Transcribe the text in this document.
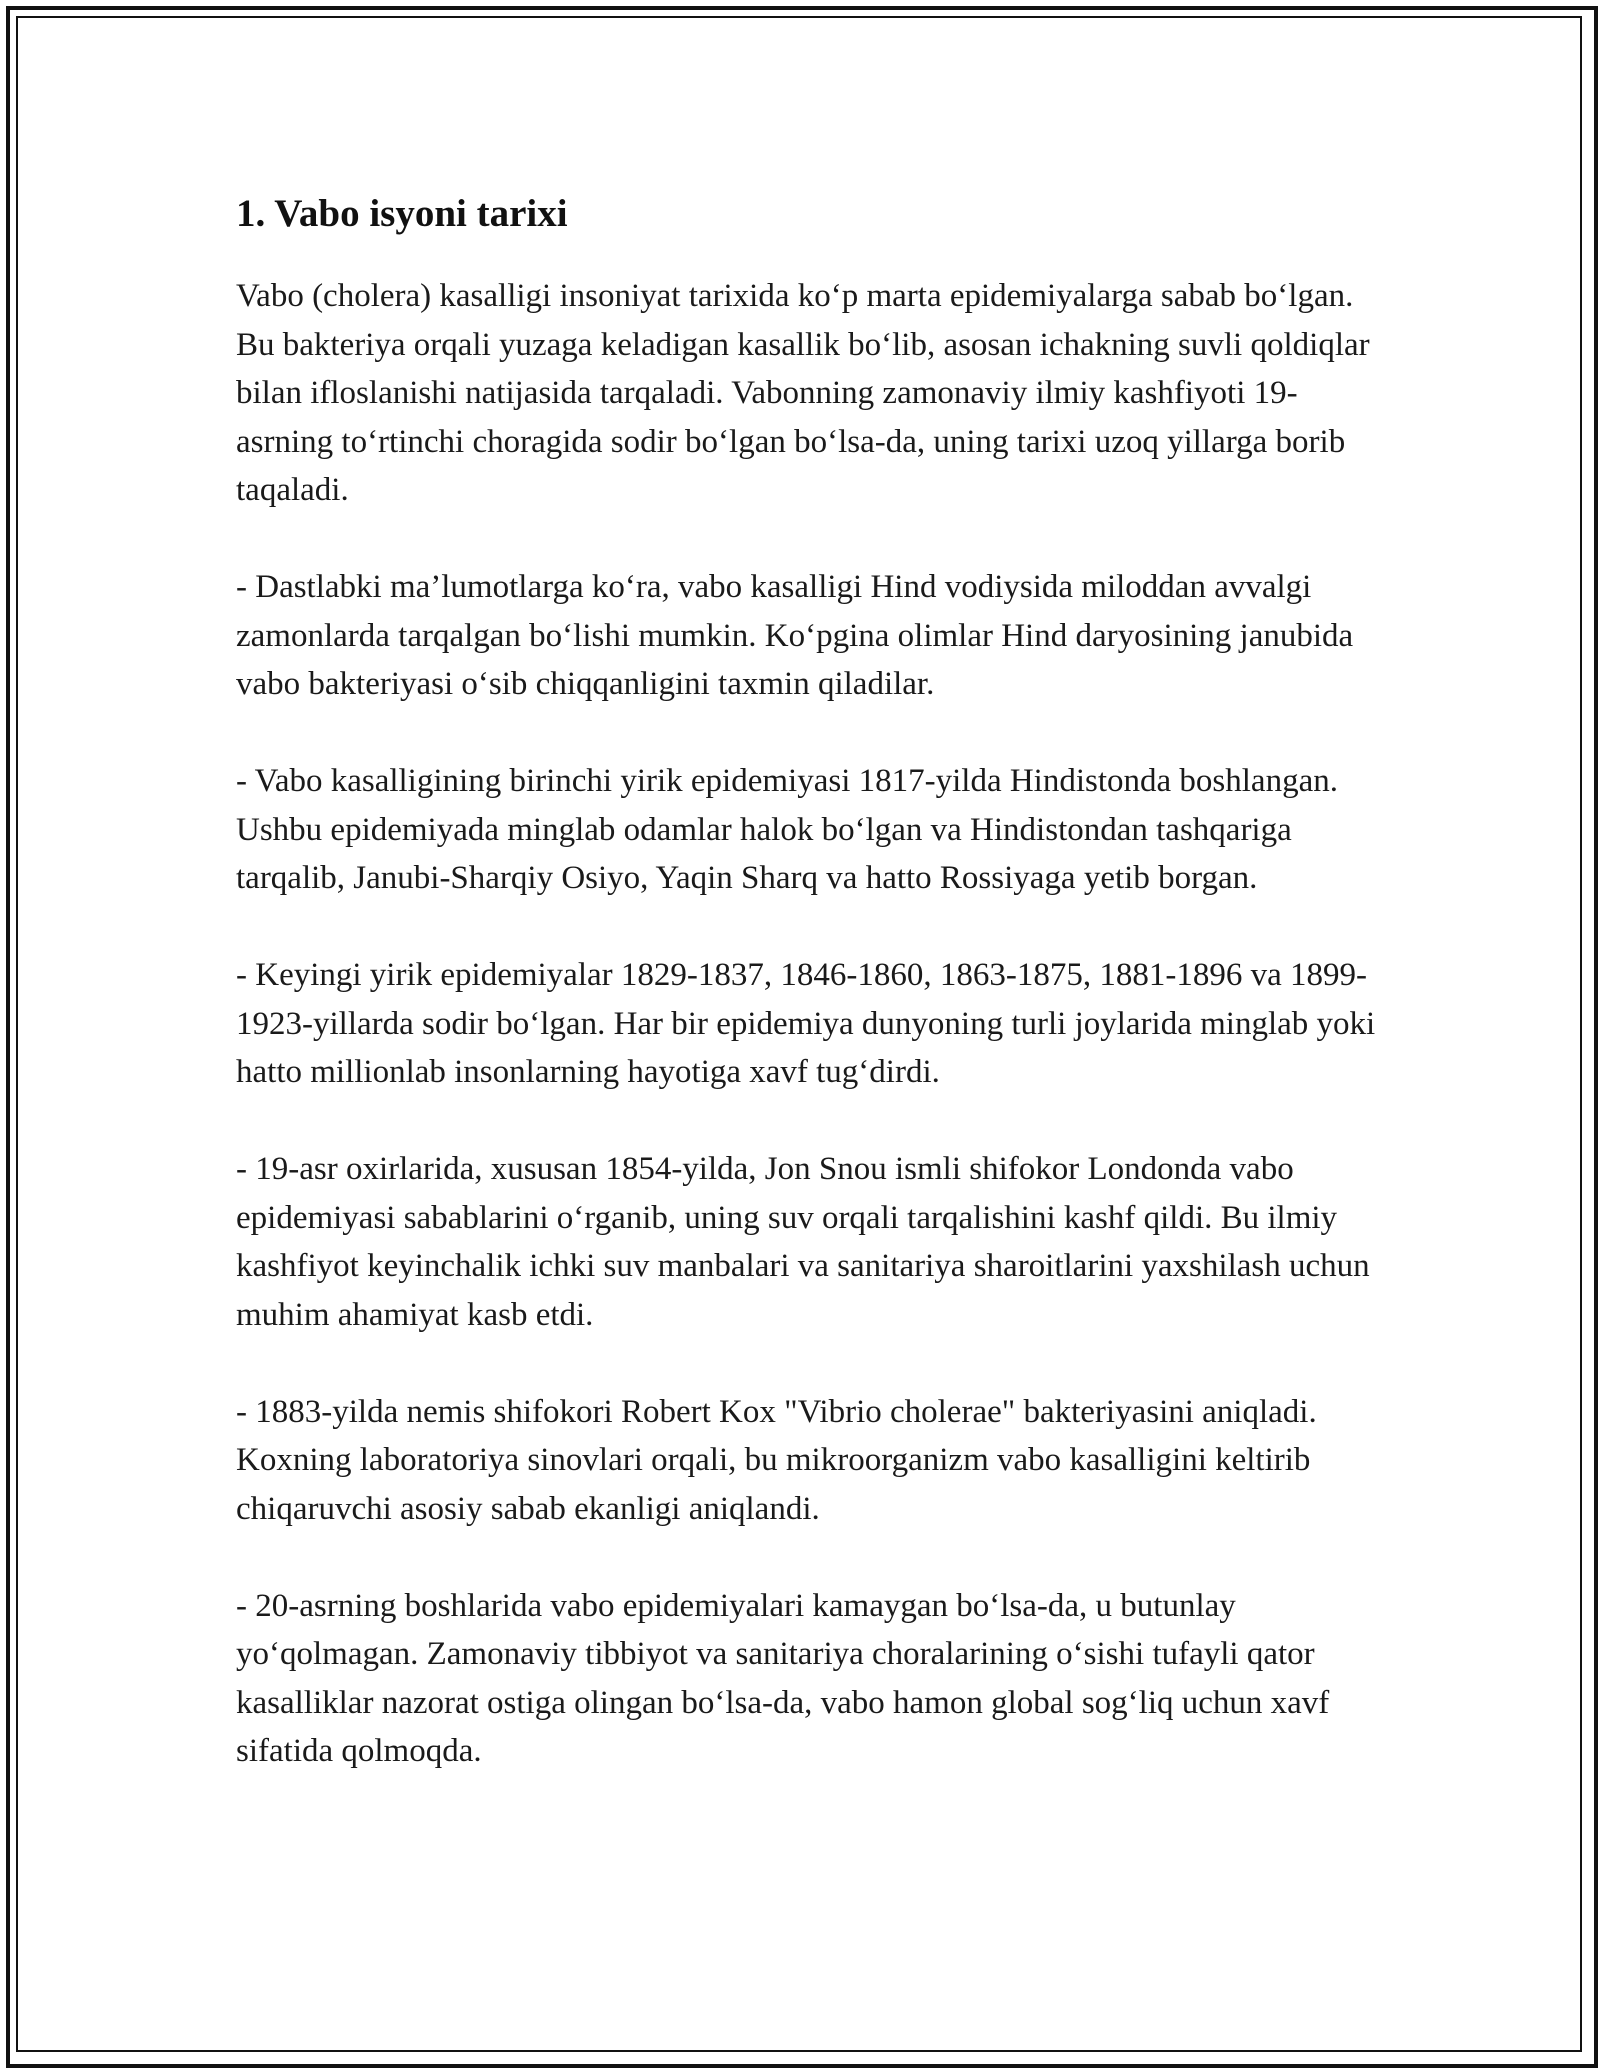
1. Vabo isyoni tarixi

Vabo (cholera) kasalligi insoniyat tarixida ko‘p marta epidemiyalarga sabab bo‘lgan. Bu bakteriya orqali yuzaga keladigan kasallik bo‘lib, asosan ichakning suvli qoldiqlar bilan ifloslanishi natijasida tarqaladi. Vabonning zamonaviy ilmiy kashfiyoti 19-asrning to‘rtinchi choragida sodir bo‘lgan bo‘lsa-da, uning tarixi uzoq yillarga borib taqaladi.

- Dastlabki ma’lumotlarga ko‘ra, vabo kasalligi Hind vodiysida miloddan avvalgi zamonlarda tarqalgan bo‘lishi mumkin. Ko‘pgina olimlar Hind daryosining janubida vabo bakteriyasi o‘sib chiqqanligini taxmin qiladilar.

- Vabo kasalligining birinchi yirik epidemiyasi 1817-yilda Hindistonda boshlangan. Ushbu epidemiyada minglab odamlar halok bo‘lgan va Hindistondan tashqariga tarqalib, Janubi-Sharqiy Osiyo, Yaqin Sharq va hatto Rossiyaga yetib borgan.

- Keyingi yirik epidemiyalar 1829-1837, 1846-1860, 1863-1875, 1881-1896 va 1899-1923-yillarda sodir bo‘lgan. Har bir epidemiya dunyoning turli joylarida minglab yoki hatto millionlab insonlarning hayotiga xavf tug‘dirdi.

- 19-asr oxirlarida, xususan 1854-yilda, Jon Snou ismli shifokor Londonda vabo epidemiyasi sabablarini o‘rganib, uning suv orqali tarqalishini kashf qildi. Bu ilmiy kashfiyot keyinchalik ichki suv manbalari va sanitariya sharoitlarini yaxshilash uchun muhim ahamiyat kasb etdi.

- 1883-yilda nemis shifokori Robert Kox "Vibrio cholerae" bakteriyasini aniqladi. Koxning laboratoriya sinovlari orqali, bu mikroorganizm vabo kasalligini keltirib chiqaruvchi asosiy sabab ekanligi aniqlandi.

- 20-asrning boshlarida vabo epidemiyalari kamaygan bo‘lsa-da, u butunlay yo‘qolmagan. Zamonaviy tibbiyot va sanitariya choralarining o‘sishi tufayli qator kasalliklar nazorat ostiga olingan bo‘lsa-da, vabo hamon global sog‘liq uchun xavf sifatida qolmoqda.
